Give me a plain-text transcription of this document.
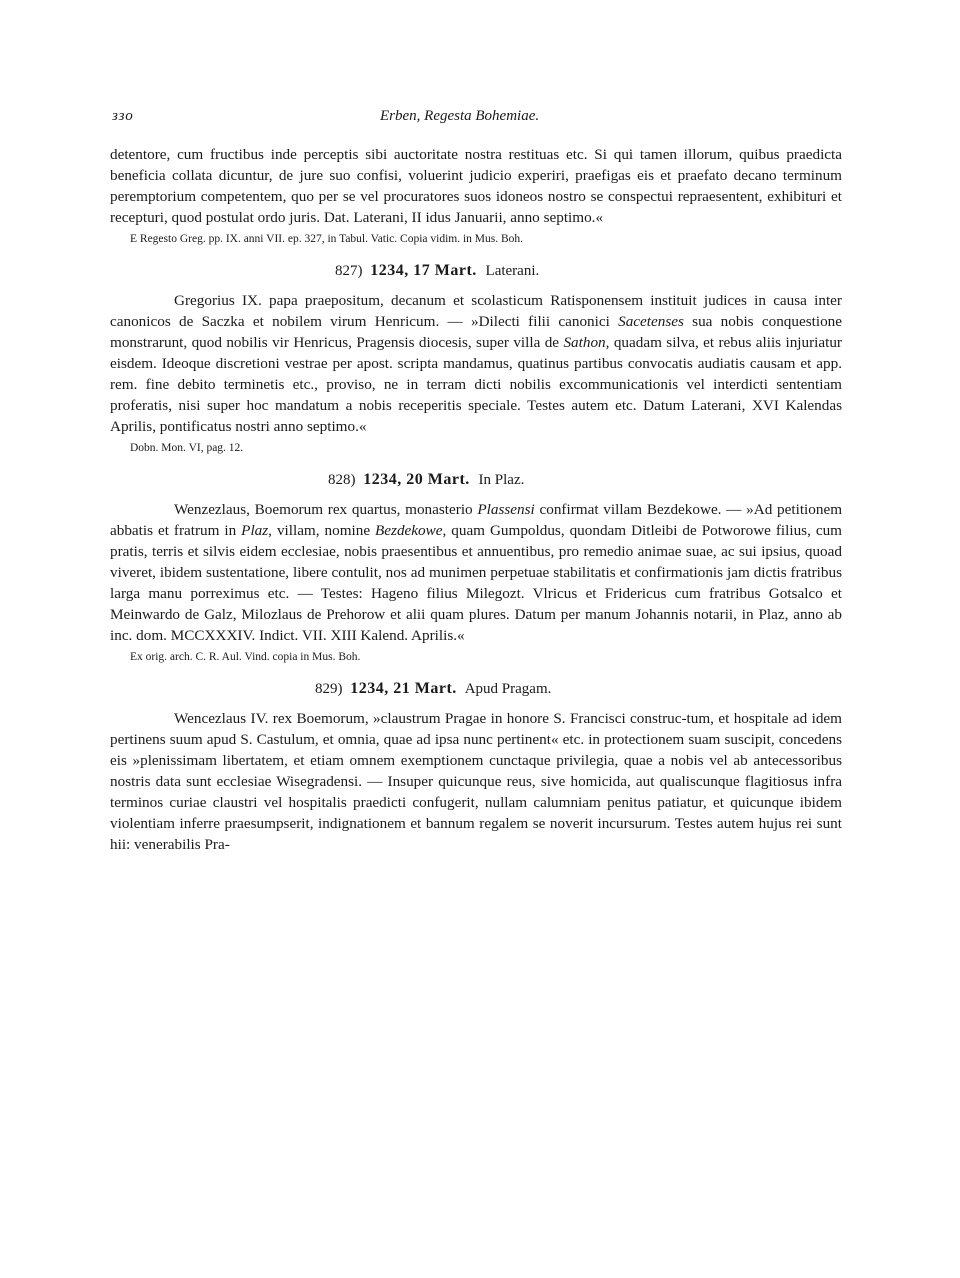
ззо	Erben, Regesta Bohemiae.

detentore, cum fructibus inde perceptis sibi auctoritate nostra restituas etc. Si qui tamen illorum, quibus praedicta beneficia collata dicuntur, de jure suo confisi, voluerint judicio experiri, praefigas eis et praefato decano terminum peremptorium competentem, quo per se vel procuratores suos idoneos nostro se conspectui repraesentent, exhibituri et recepturi, quod postulat ordo juris. Dat. Laterani, II idus Januarii, anno septimo.«

E Regesto Greg. pp. IX. anni VII. ep. 327, in Tabul. Vatic. Copia vidim. in Mus. Boh.

827) 1234, 17 Mart. Laterani.

Gregorius IX. papa praepositum, decanum et scolasticum Ratisponensem instituit judices in causa inter canonicos de Saczka et nobilem virum Henricum. — »Dilecti filii canonici Sacetenses sua nobis conquestione monstrarunt, quod nobilis vir Henricus, Pragensis diocesis, super villa de Sathon, quadam silva, et rebus aliis injuriatur eisdem. Ideoque discretioni vestrae per apost. scripta mandamus, quatinus partibus convocatis audiatis causam et app. rem. fine debito terminetis etc., proviso, ne in terram dicti nobilis excommunicationis vel interdicti sententiam proferatis, nisi super hoc mandatum a nobis receperitis speciale. Testes autem etc. Datum Laterani, XVI Kalendas Aprilis, pontificatus nostri anno septimo.«

Dobn. Mon. VI, pag. 12.

828) 1234, 20 Mart. In Plaz.

Wenzezlaus, Boemorum rex quartus, monasterio Plassensi confirmat villam Bezdekowe. — »Ad petitionem abbatis et fratrum in Plaz, villam, nomine Bezdekowe, quam Gumpoldus, quondam Ditleibi de Potworowe filius, cum pratis, terris et silvis eidem ecclesiae, nobis praesentibus et annuentibus, pro remedio animae suae, ac sui ipsius, quoad viveret, ibidem sustentatione, libere contulit, nos ad munimen perpetuae stabilitatis et confirmationis jam dictis fratribus larga manu porreximus etc. — Testes: Hageno filius Milegozt. Vlricus et Fridericus cum fratribus Gotsalco et Meinwardo de Galz, Milozlaus de Prehorow et alii quam plures. Datum per manum Johannis notarii, in Plaz, anno ab inc. dom. MCCXXXIV. Indict. VII. XIII Kalend. Aprilis.«

Ex orig. arch. C. R. Aul. Vind. copia in Mus. Boh.

829) 1234, 21 Mart. Apud Pragam.

Wencezlaus IV. rex Boemorum, »claustrum Pragae in honore S. Francisci construc-tum, et hospitale ad idem pertinens suum apud S. Castulum, et omnia, quae ad ipsa nunc pertinent« etc. in protectionem suam suscipit, concedens eis »plenissimam libertatem, et etiam omnem exemptionem cunctaque privilegia, quae a nobis vel ab antecessoribus nostris data sunt ecclesiae Wisegradensi. — Insuper quicunque reus, sive homicida, aut qualiscunque flagitiosus infra terminos curiae claustri vel hospitalis praedicti confugerit, nullam calumniam penitus patiatur, et quicunque ibidem violentiam inferre praesumpserit, indignationem et bannum regalem se noverit incursurum. Testes autem hujus rei sunt hii: venerabilis Pra-
